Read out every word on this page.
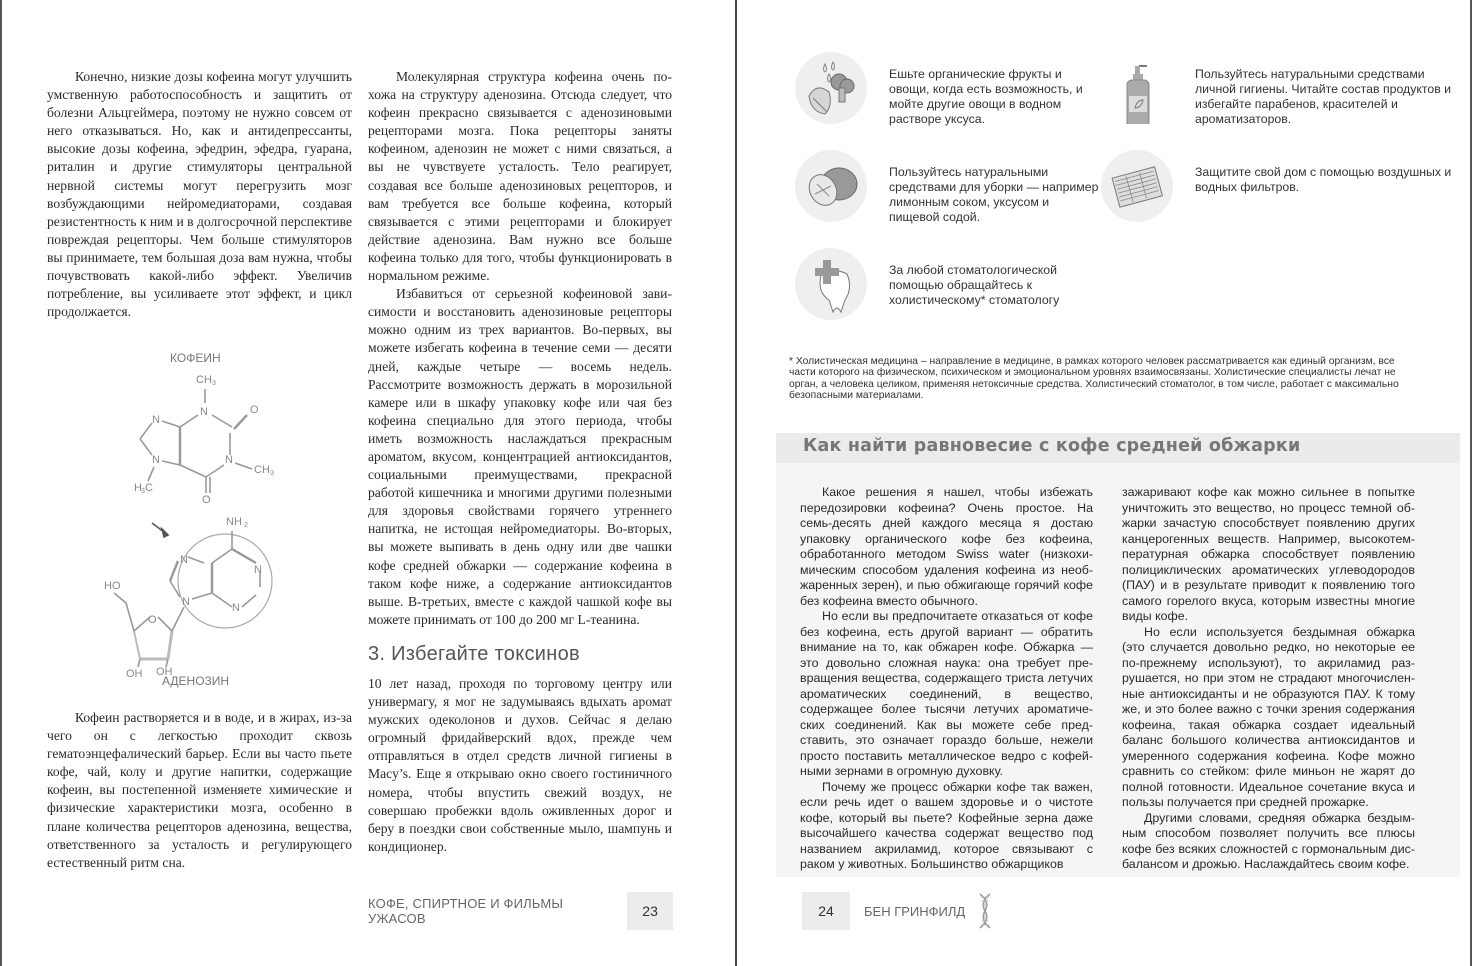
Конечно, низкие дозы кофеина могут улучшить умственную работоспособность и защитить от болезни Альцгеймера, поэтому не нужно совсем от него отказываться. Но, как и антидепрессанты, высокие дозы кофеина, эфедрин, эфедра, гуарана, риталин и другие стимуляторы центральной нервной системы могут перегрузить мозг возбуждающими нейромедиаторами, создавая резистентность к ним и в долгосрочной перспективе повреждая рецепторы. Чем больше стимуляторов вы принимаете, тем большая доза вам нужна, чтобы почувствовать какой-либо эффект. Увеличив потребление, вы усиливаете этот эффект, и цикл продолжается.

КОФЕИН
CH 3
N	O
N
CH 3
O
N
N
H 3 C
NH 2
N
N
N	N
HO
O
OH OH
АДЕНОЗИН

Кофеин растворяется и в воде, и в жирах, из-за чего он с легкостью проходит сквозь гематоэнцефалический барьер. Если вы часто пьете кофе, чай, колу и другие напитки, содержащие кофеин, вы постепенной изменяете химические и физические характеристики мозга, особенно в плане количества рецепторов аденозина, вещества, ответственного за усталость и регулирующего естественный ритм сна.

Молекулярная структура кофеина очень похожа на структуру аденозина. Отсюда следует, что кофеин прекрасно связывается с аденозиновыми рецепторами мозга. Пока рецепторы заняты кофеином, аденозин не может с ними связаться, а вы не чувствуете усталость. Тело реагирует, создавая все больше аденозиновых рецепторов, и вам требуется все больше кофеина, который связывается с этими рецепторами и блокирует действие аденозина. Вам нужно все больше кофеина только для того, чтобы функционировать в нормальном режиме.

Избавиться от серьезной кофеиновой зависимости и восстановить аденозиновые рецепторы можно одним из трех вариантов. Во-первых, вы можете избегать кофеина в течение семи — десяти дней, каждые четыре — восемь недель. Рассмотрите возможность держать в морозильной камере или в шкафу упаковку кофе или чая без кофеина специально для этого периода, чтобы иметь возможность наслаждаться прекрасным ароматом, вкусом, концентрацией антиоксидантов, социальными преимуществами, прекрасной работой кишечника и многими другими полезными для здоровья свойствами горячего утреннего напитка, не истощая нейромедиаторы. Во-вторых, вы можете выпивать в день одну или две чашки кофе средней обжарки — содержание кофеина в таком кофе ниже, а содержание антиоксидантов выше. В-третьих, вместе с каждой чашкой кофе вы можете принимать от 100 до 200 мг L-теанина.

3. Избегайте токсинов

10 лет назад, проходя по торговому центру или универмагу, я мог не задумываясь вдыхать аромат мужских одеколонов и духов. Сейчас я делаю огромный фридайверский вдох, прежде чем отправляться в отдел средств личной гигиены в Macy’s. Еще я открываю окно своего гостиничного номера, чтобы впустить свежий воздух, не совершаю пробежки вдоль оживленных дорог и беру в поездки свои собственные мыло, шампунь и кондиционер.

КОФЕ, СПИРТНОЕ И ФИЛЬМЫ УЖАСОВ	23
Ешьте органические фрукты и овощи, когда есть возможность, и мойте другие овощи в водном растворе уксуса.
Пользуйтесь натуральными средствами для уборки — например лимонным соком, уксусом и пищевой содой.
За любой стоматологической помощью обращайтесь к холистическому* стоматологу
Пользуйтесь натуральными средствами личной гигиены. Читайте состав продуктов и избегайте парабенов, красителей и ароматизаторов.
Защитите свой дом с помощью воздушных и водных фильтров.
* Холистическая медицина – направление в медицине, в рамках которого человек рассматривается как единый организм, все части которого на физическом, психическом и эмоциональном уровнях взаимосвязаны. Холистические специалисты лечат не орган, а человека целиком, применяя нетоксичные средства. Холистический стоматолог, в том числе, работает с максимально безопасными материалами.
Как найти равновесие с кофе средней обжарки

Какое решения я нашел, чтобы избежать передозировки кофеина? Очень простое. На семь-десять дней каждого месяца я достаю упаковку органического кофе без кофеина, обработанного методом Swiss water (низкохимическим способом удаления кофеина из необжаренных зерен), и пью обжигающе горячий кофе без кофеина вместо обычного.

Но если вы предпочитаете отказаться от кофе без кофеина, есть другой вариант — обратить внимание на то, как обжарен кофе. Обжарка — это довольно сложная наука: она требует превращения вещества, содержащего триста летучих ароматических соединений, в вещество, содержащее более тысячи летучих ароматических соединений. Как вы можете себе представить, это означает гораздо больше, нежели просто поставить металлическое ведро с кофейными зернами в огромную духовку.

Почему же процесс обжарки кофе так важен, если речь идет о вашем здоровье и о чистоте кофе, который вы пьете? Кофейные зерна даже высочайшего качества содержат вещество под названием акриламид, которое связывают с раком у животных. Большинство обжарщиков

зажаривают кофе как можно сильнее в попытке уничтожить это вещество, но процесс темной обжарки зачастую способствует появлению других канцерогенных веществ. Например, высокотемпературная обжарка способствует появлению полициклических ароматических углеводородов (ПАУ) и в результате приводит к появлению того самого горелого вкуса, которым известны многие виды кофе.

Но если используется бездымная обжарка (это случается довольно редко, но некоторые ее по-прежнему используют), то акриламид разрушается, но при этом не страдают многочисленные антиоксиданты и не образуются ПАУ. К тому же, и это более важно с точки зрения содержания кофеина, такая обжарка создает идеальный баланс большого количества антиоксидантов и умеренного содержания кофеина. Кофе можно сравнить со стейком: филе миньон не жарят до полной готовности. Идеальное сочетание вкуса и пользы получается при средней прожарке.

Другими словами, средняя обжарка бездымным способом позволяет получить все плюсы кофе без всяких сложностей с гормональным дисбалансом и дрожью. Наслаждайтесь своим кофе.

24	БЕН ГРИНФИЛД
